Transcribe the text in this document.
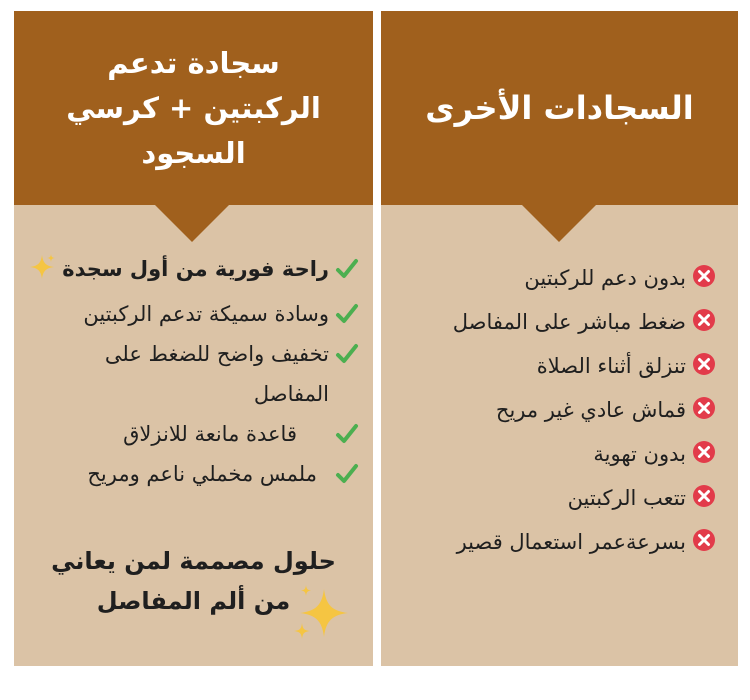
سجادة تدعم
الركبتين + كرسي
السجود
راحة فورية من أول سجدة
وسادة سميكة تدعم الركبتين
تخفيف واضح للضغط على المفاصل
قاعدة مانعة للانزلاق
ملمس مخملي ناعم ومريح
حلول مصممة لمن يعاني
من ألم المفاصل
السجادات الأخرى
بدون دعم للركبتين
ضغط مباشر على المفاصل
تنزلق أثناء الصلاة
قماش عادي غير مريح
بدون تهوية
تتعب الركبتين
بسرعةعمر استعمال قصير
